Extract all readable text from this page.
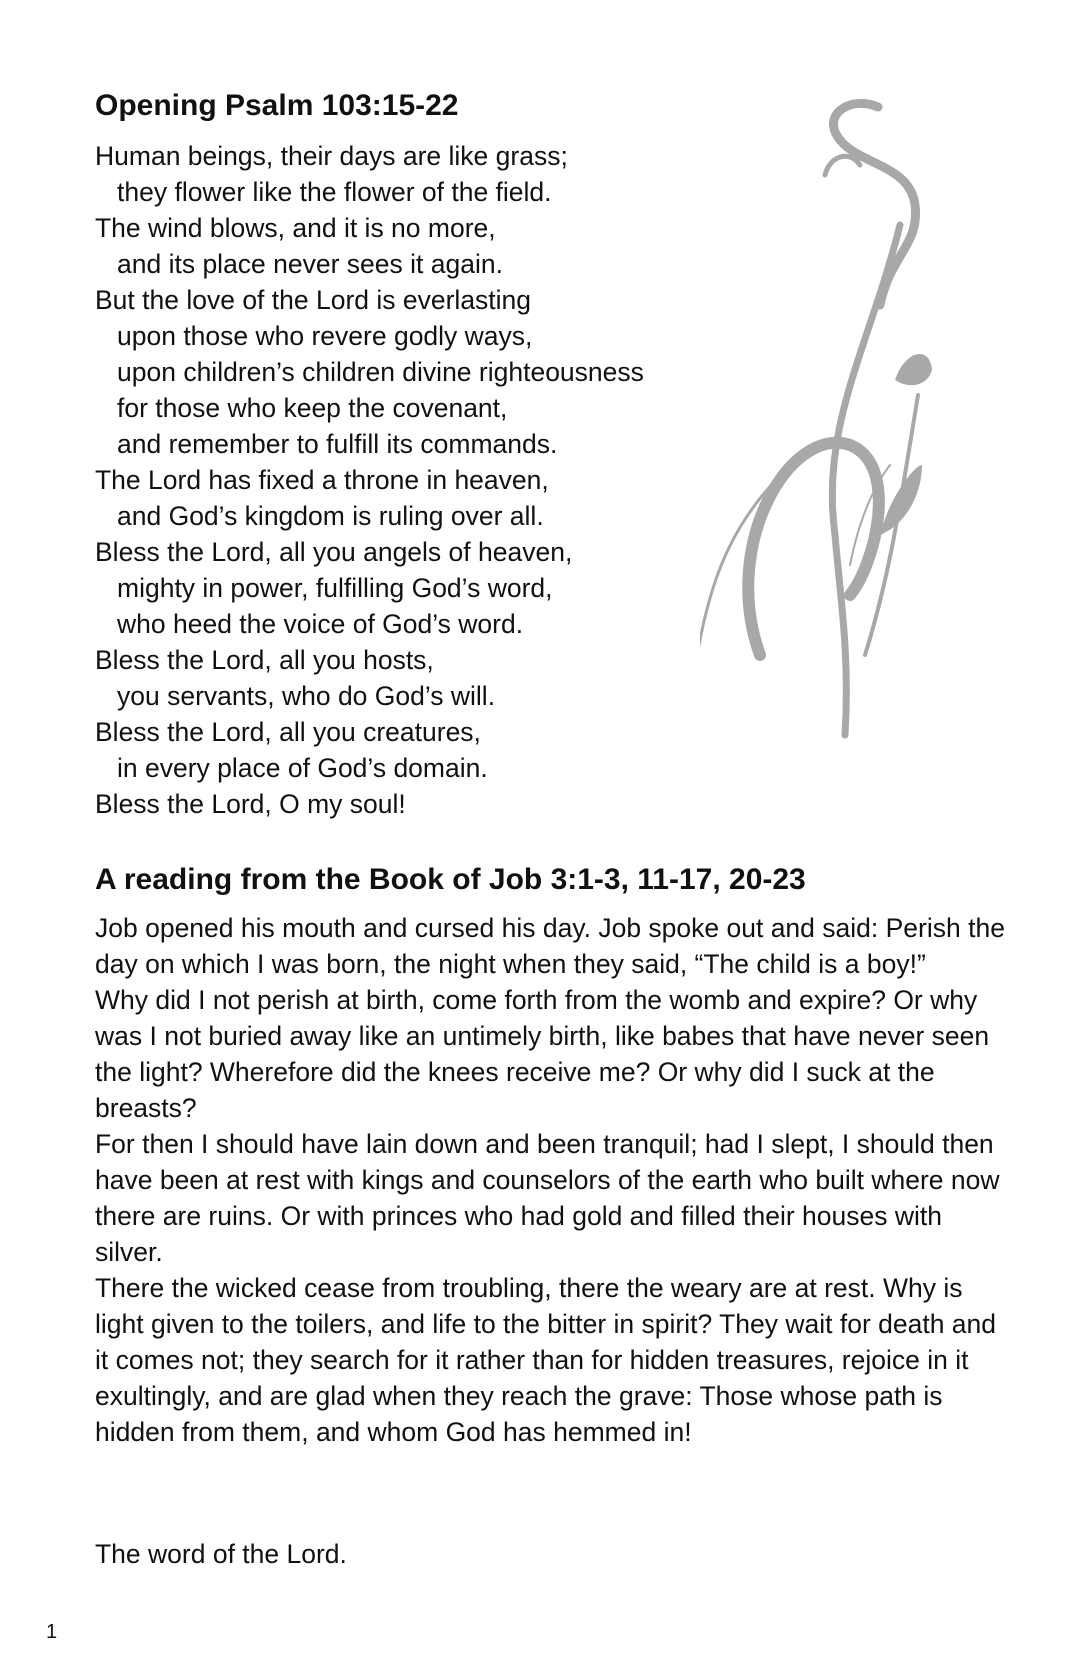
Opening Psalm 103:15-22
Human beings, their days are like grass;
they flower like the flower of the field.
The wind blows, and it is no more,
and its place never sees it again.
But the love of the Lord is everlasting
upon those who revere godly ways,
upon children’s children divine righteousness
for those who keep the covenant,
and remember to fulfill its commands.
The Lord has fixed a throne in heaven,
and God’s kingdom is ruling over all.
Bless the Lord, all you angels of heaven,
mighty in power, fulfilling God’s word,
who heed the voice of God’s word.
Bless the Lord, all you hosts,
you servants, who do God’s will.
Bless the Lord, all you creatures,
in every place of God’s domain.
Bless the Lord, O my soul!
A reading from the Book of Job 3:1-3, 11-17, 20-23

Job opened his mouth and cursed his day. Job spoke out and said: Perish the day on which I was born, the night when they said, “The child is a boy!”

Why did I not perish at birth, come forth from the womb and expire? Or why was I not buried away like an untimely birth, like babes that have never seen the light? Wherefore did the knees receive me? Or why did I suck at the breasts?

For then I should have lain down and been tranquil; had I slept, I should then have been at rest with kings and counselors of the earth who built where now there are ruins. Or with princes who had gold and filled their houses with silver.

There the wicked cease from troubling, there the weary are at rest. Why is light given to the toilers, and life to the bitter in spirit? They wait for death and it comes not; they search for it rather than for hidden treasures, rejoice in it exultingly, and are glad when they reach the grave: Those whose path is hidden from them, and whom God has hemmed in!

The word of the Lord.

1
